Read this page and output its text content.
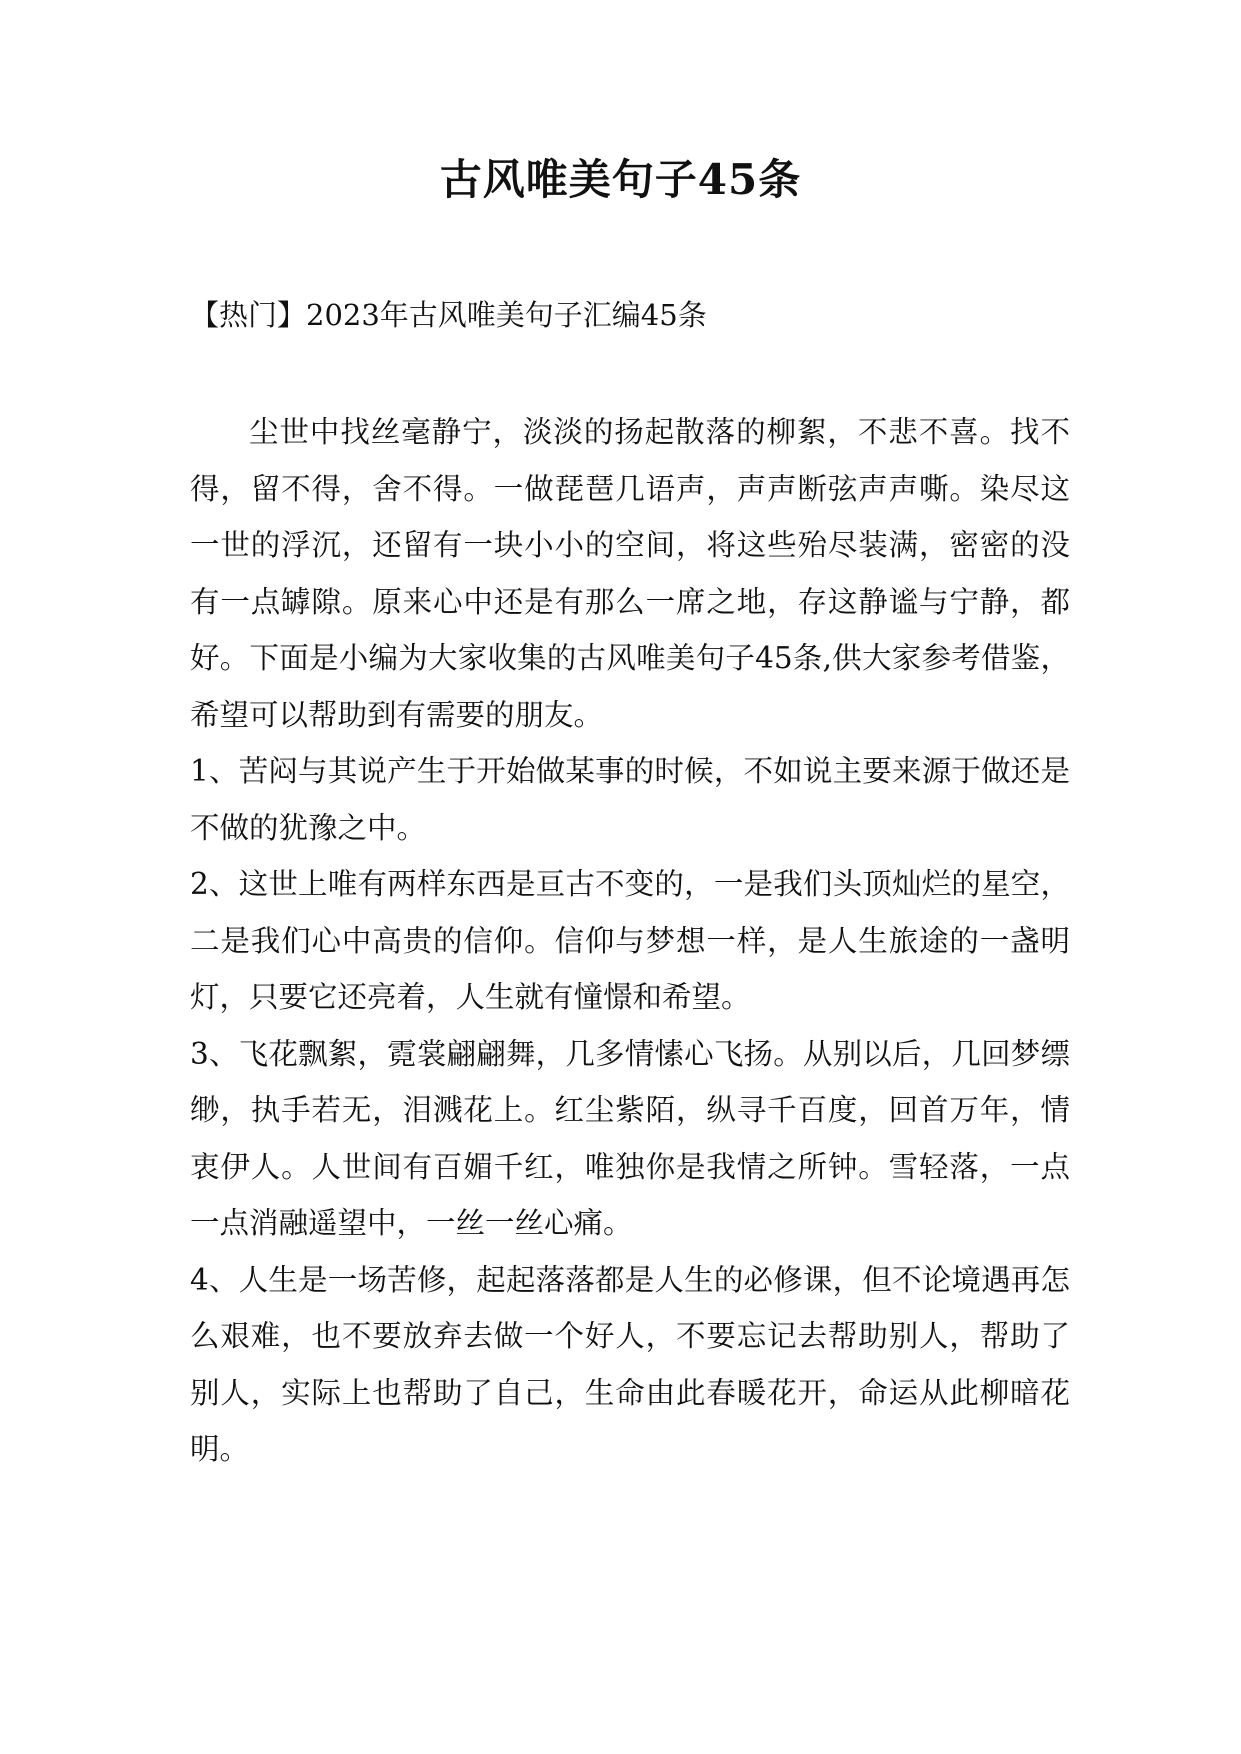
古风唯美句子45条
【热门】2023年古风唯美句子汇编45条

尘世中找丝毫静宁，淡淡的扬起散落的柳絮，不悲不喜。找不得，留不得，舍不得。一做琵琶几语声，声声断弦声声嘶。染尽这一世的浮沉，还留有一块小小的空间，将这些殆尽装满，密密的没有一点罅隙。原来心中还是有那么一席之地，存这静谧与宁静，都好。下面是小编为大家收集的古风唯美句子45条,供大家参考借鉴，希望可以帮助到有需要的朋友。

1、苦闷与其说产生于开始做某事的时候，不如说主要来源于做还是不做的犹豫之中。

2、这世上唯有两样东西是亘古不变的，一是我们头顶灿烂的星空，二是我们心中高贵的信仰。信仰与梦想一样，是人生旅途的一盏明灯，只要它还亮着，人生就有憧憬和希望。

3、飞花飘絮，霓裳翩翩舞，几多情愫心飞扬。从别以后，几回梦缥缈，执手若无，泪溅花上。红尘紫陌，纵寻千百度，回首万年，情衷伊人。人世间有百媚千红，唯独你是我情之所钟。雪轻落，一点一点消融遥望中，一丝一丝心痛。

4、人生是一场苦修，起起落落都是人生的必修课，但不论境遇再怎么艰难，也不要放弃去做一个好人，不要忘记去帮助别人，帮助了别人，实际上也帮助了自己，生命由此春暖花开，命运从此柳暗花明。
